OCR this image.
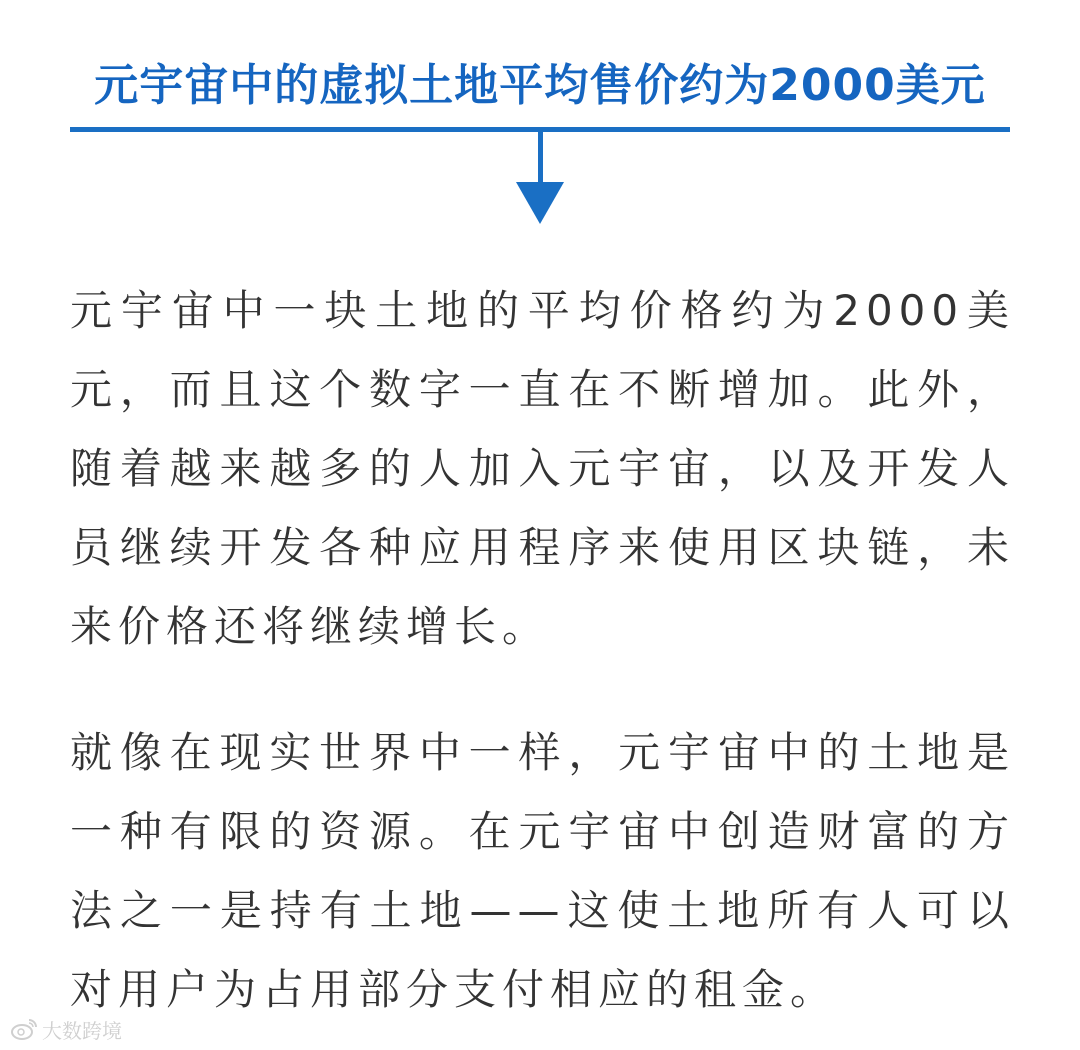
元宇宙中的虚拟土地平均售价约为2000美元

元宇宙中一块土地的平均价格约为2000美元，而且这个数字一直在不断增加。此外，随着越来越多的人加入元宇宙，以及开发人员继续开发各种应用程序来使用区块链，未来价格还将继续增长。

就像在现实世界中一样，元宇宙中的土地是一种有限的资源。在元宇宙中创造财富的方法之一是持有土地——这使土地所有人可以对用户为占用部分支付相应的租金。

大数跨境
